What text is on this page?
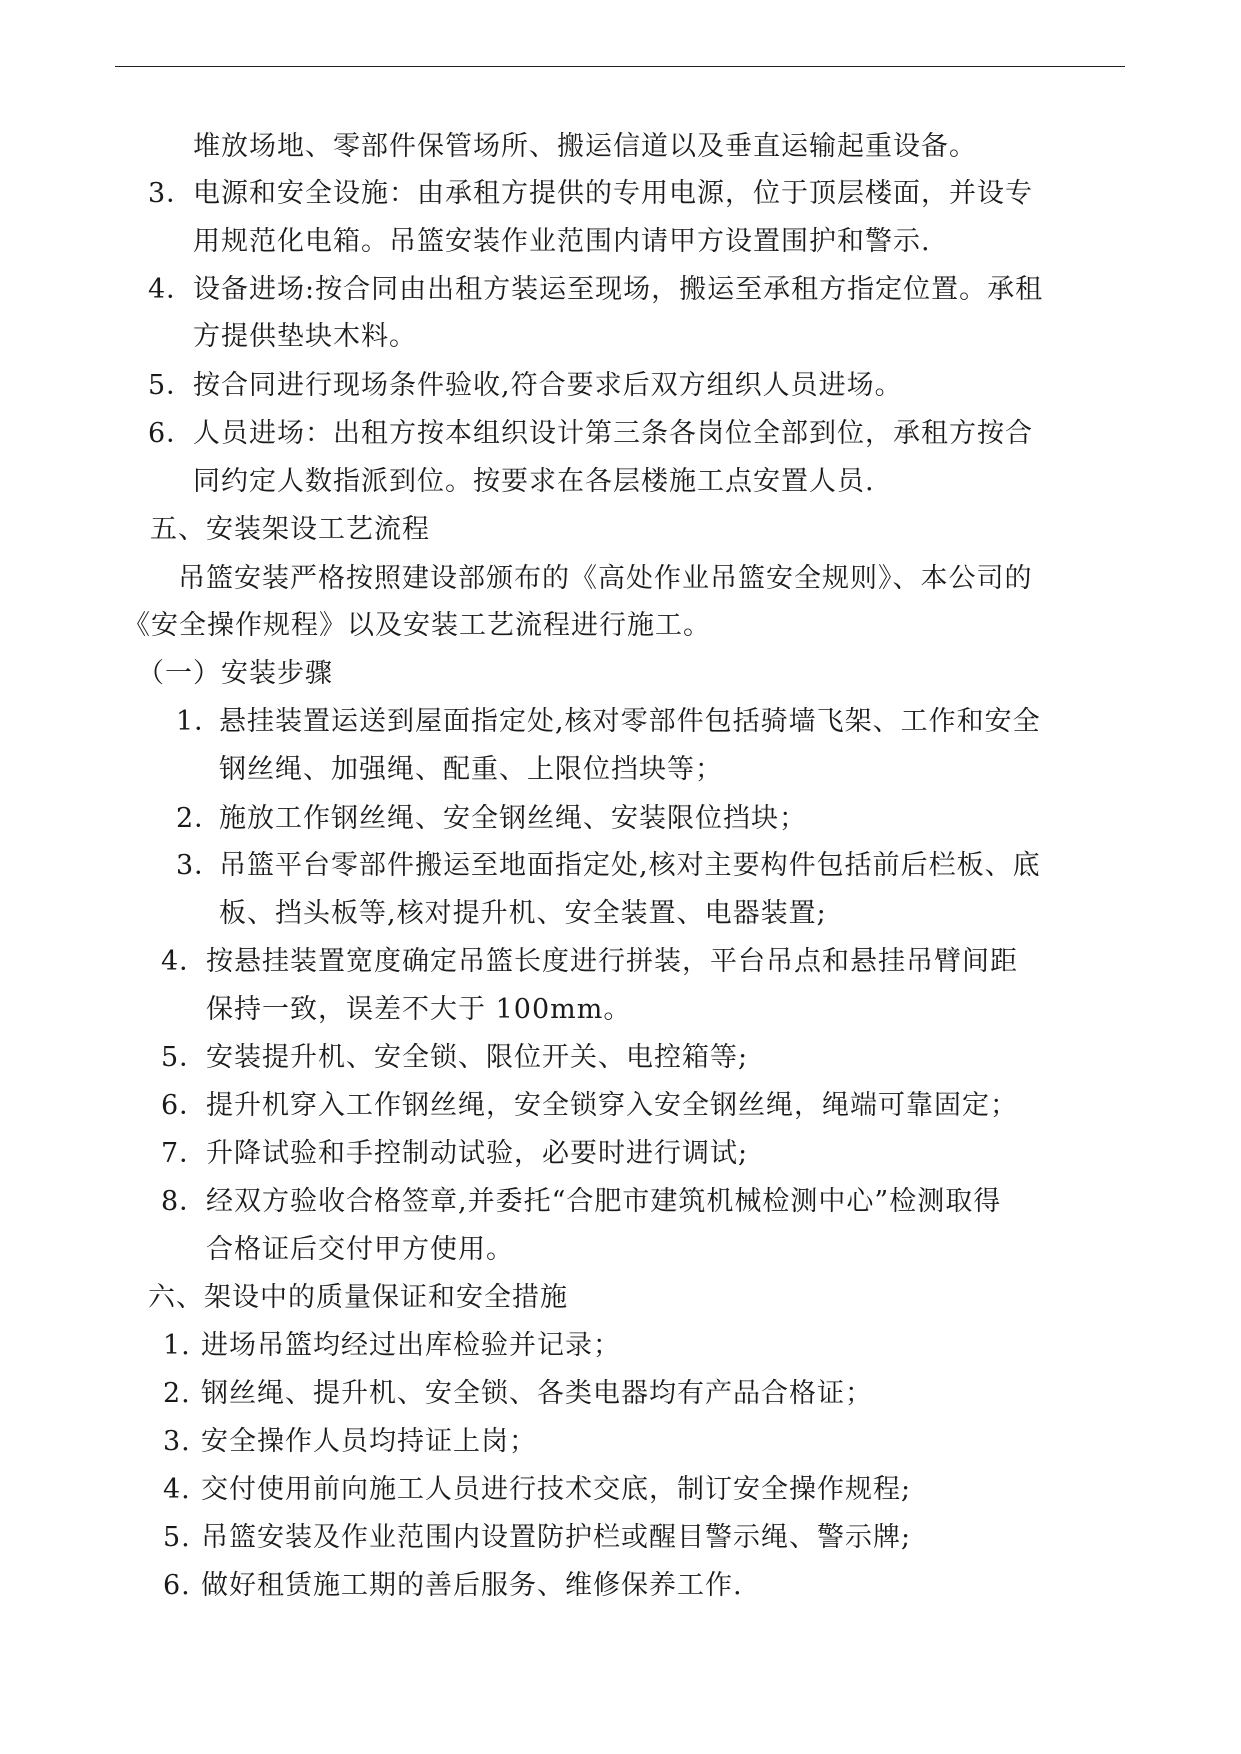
堆放场地、零部件保管场所、搬运信道以及垂直运输起重设备。
3．电源和安全设施：由承租方提供的专用电源，位于顶层楼面，并设专
用规范化电箱。吊篮安装作业范围内请甲方设置围护和警示.
4．设备进场:按合同由出租方装运至现场，搬运至承租方指定位置。承租
方提供垫块木料。
5．按合同进行现场条件验收,符合要求后双方组织人员进场。
6．人员进场：出租方按本组织设计第三条各岗位全部到位，承租方按合
同约定人数指派到位。按要求在各层楼施工点安置人员.
五、安装架设工艺流程
吊篮安装严格按照建设部颁布的《高处作业吊篮安全规则》、本公司的
《安全操作规程》以及安装工艺流程进行施工。
（一）安装步骤
1．悬挂装置运送到屋面指定处,核对零部件包括骑墙飞架、工作和安全
钢丝绳、加强绳、配重、上限位挡块等；
2．施放工作钢丝绳、安全钢丝绳、安装限位挡块；
3．吊篮平台零部件搬运至地面指定处,核对主要构件包括前后栏板、底
板、挡头板等,核对提升机、安全装置、电器装置;
4．按悬挂装置宽度确定吊篮长度进行拼装，平台吊点和悬挂吊臂间距
保持一致，误差不大于 100mm。
5．安装提升机、安全锁、限位开关、电控箱等;
6．提升机穿入工作钢丝绳，安全锁穿入安全钢丝绳，绳端可靠固定；
7．升降试验和手控制动试验，必要时进行调试;
8．经双方验收合格签章,并委托“合肥市建筑机械检测中心”检测取得
合格证后交付甲方使用。
六、架设中的质量保证和安全措施
1. 进场吊篮均经过出库检验并记录；
2. 钢丝绳、提升机、安全锁、各类电器均有产品合格证；
3. 安全操作人员均持证上岗；
4. 交付使用前向施工人员进行技术交底，制订安全操作规程;
5. 吊篮安装及作业范围内设置防护栏或醒目警示绳、警示牌;
6. 做好租赁施工期的善后服务、维修保养工作.
